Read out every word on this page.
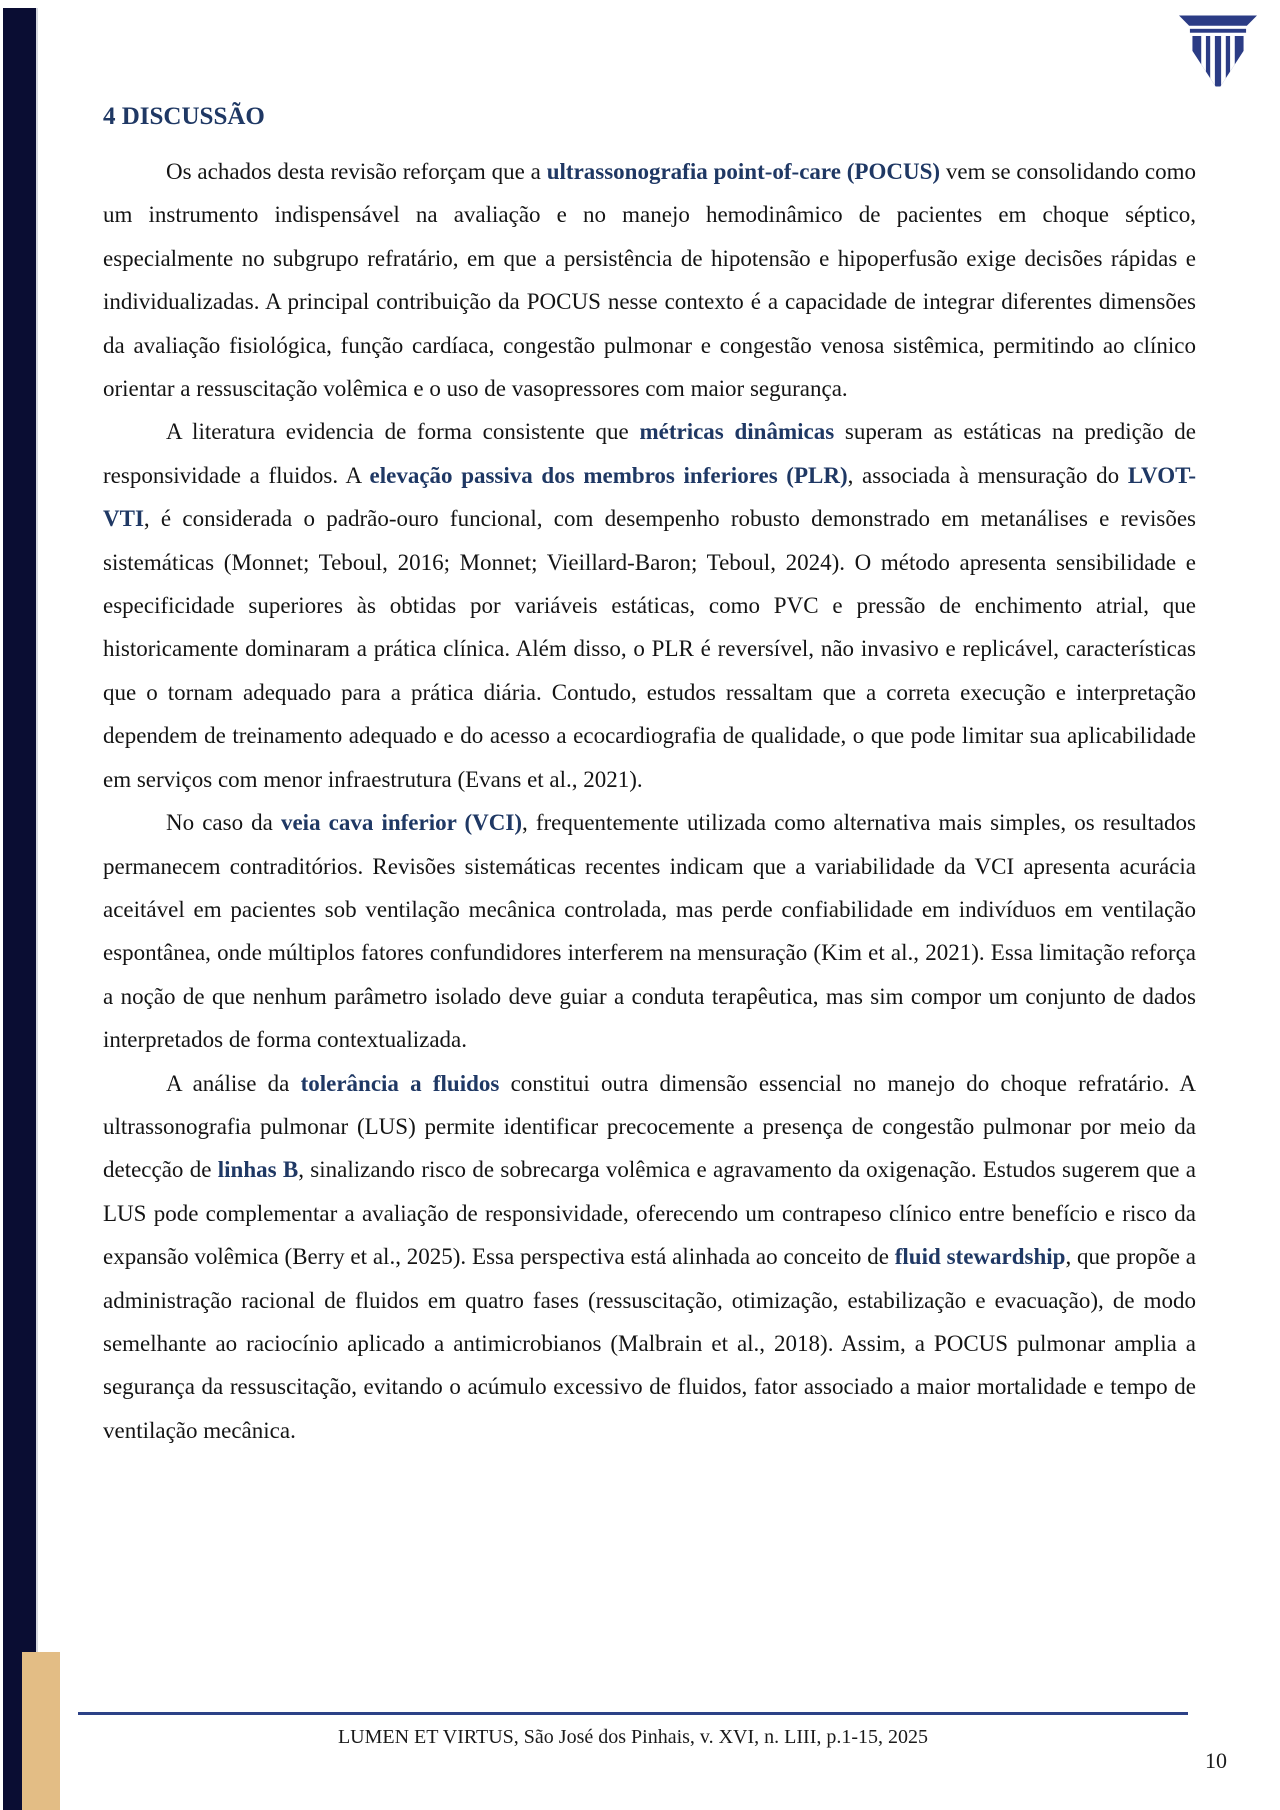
4 DISCUSSÃO

Os achados desta revisão reforçam que a ultrassonografia point-of-care (POCUS) vem se consolidando como um instrumento indispensável na avaliação e no manejo hemodinâmico de pacientes em choque séptico, especialmente no subgrupo refratário, em que a persistência de hipotensão e hipoperfusão exige decisões rápidas e individualizadas. A principal contribuição da POCUS nesse contexto é a capacidade de integrar diferentes dimensões da avaliação fisiológica, função cardíaca, congestão pulmonar e congestão venosa sistêmica, permitindo ao clínico orientar a ressuscitação volêmica e o uso de vasopressores com maior segurança.

A literatura evidencia de forma consistente que métricas dinâmicas superam as estáticas na predição de responsividade a fluidos. A elevação passiva dos membros inferiores (PLR), associada à mensuração do LVOT-VTI, é considerada o padrão-ouro funcional, com desempenho robusto demonstrado em metanálises e revisões sistemáticas (Monnet; Teboul, 2016; Monnet; Vieillard-Baron; Teboul, 2024). O método apresenta sensibilidade e especificidade superiores às obtidas por variáveis estáticas, como PVC e pressão de enchimento atrial, que historicamente dominaram a prática clínica. Além disso, o PLR é reversível, não invasivo e replicável, características que o tornam adequado para a prática diária. Contudo, estudos ressaltam que a correta execução e interpretação dependem de treinamento adequado e do acesso a ecocardiografia de qualidade, o que pode limitar sua aplicabilidade em serviços com menor infraestrutura (Evans et al., 2021).

No caso da veia cava inferior (VCI), frequentemente utilizada como alternativa mais simples, os resultados permanecem contraditórios. Revisões sistemáticas recentes indicam que a variabilidade da VCI apresenta acurácia aceitável em pacientes sob ventilação mecânica controlada, mas perde confiabilidade em indivíduos em ventilação espontânea, onde múltiplos fatores confundidores interferem na mensuração (Kim et al., 2021). Essa limitação reforça a noção de que nenhum parâmetro isolado deve guiar a conduta terapêutica, mas sim compor um conjunto de dados interpretados de forma contextualizada.

A análise da tolerância a fluidos constitui outra dimensão essencial no manejo do choque refratário. A ultrassonografia pulmonar (LUS) permite identificar precocemente a presença de congestão pulmonar por meio da detecção de linhas B, sinalizando risco de sobrecarga volêmica e agravamento da oxigenação. Estudos sugerem que a LUS pode complementar a avaliação de responsividade, oferecendo um contrapeso clínico entre benefício e risco da expansão volêmica (Berry et al., 2025). Essa perspectiva está alinhada ao conceito de fluid stewardship, que propõe a administração racional de fluidos em quatro fases (ressuscitação, otimização, estabilização e evacuação), de modo semelhante ao raciocínio aplicado a antimicrobianos (Malbrain et al., 2018). Assim, a POCUS pulmonar amplia a segurança da ressuscitação, evitando o acúmulo excessivo de fluidos, fator associado a maior mortalidade e tempo de ventilação mecânica.

LUMEN ET VIRTUS, São José dos Pinhais, v. XVI, n. LIII, p.1-15, 2025
10
